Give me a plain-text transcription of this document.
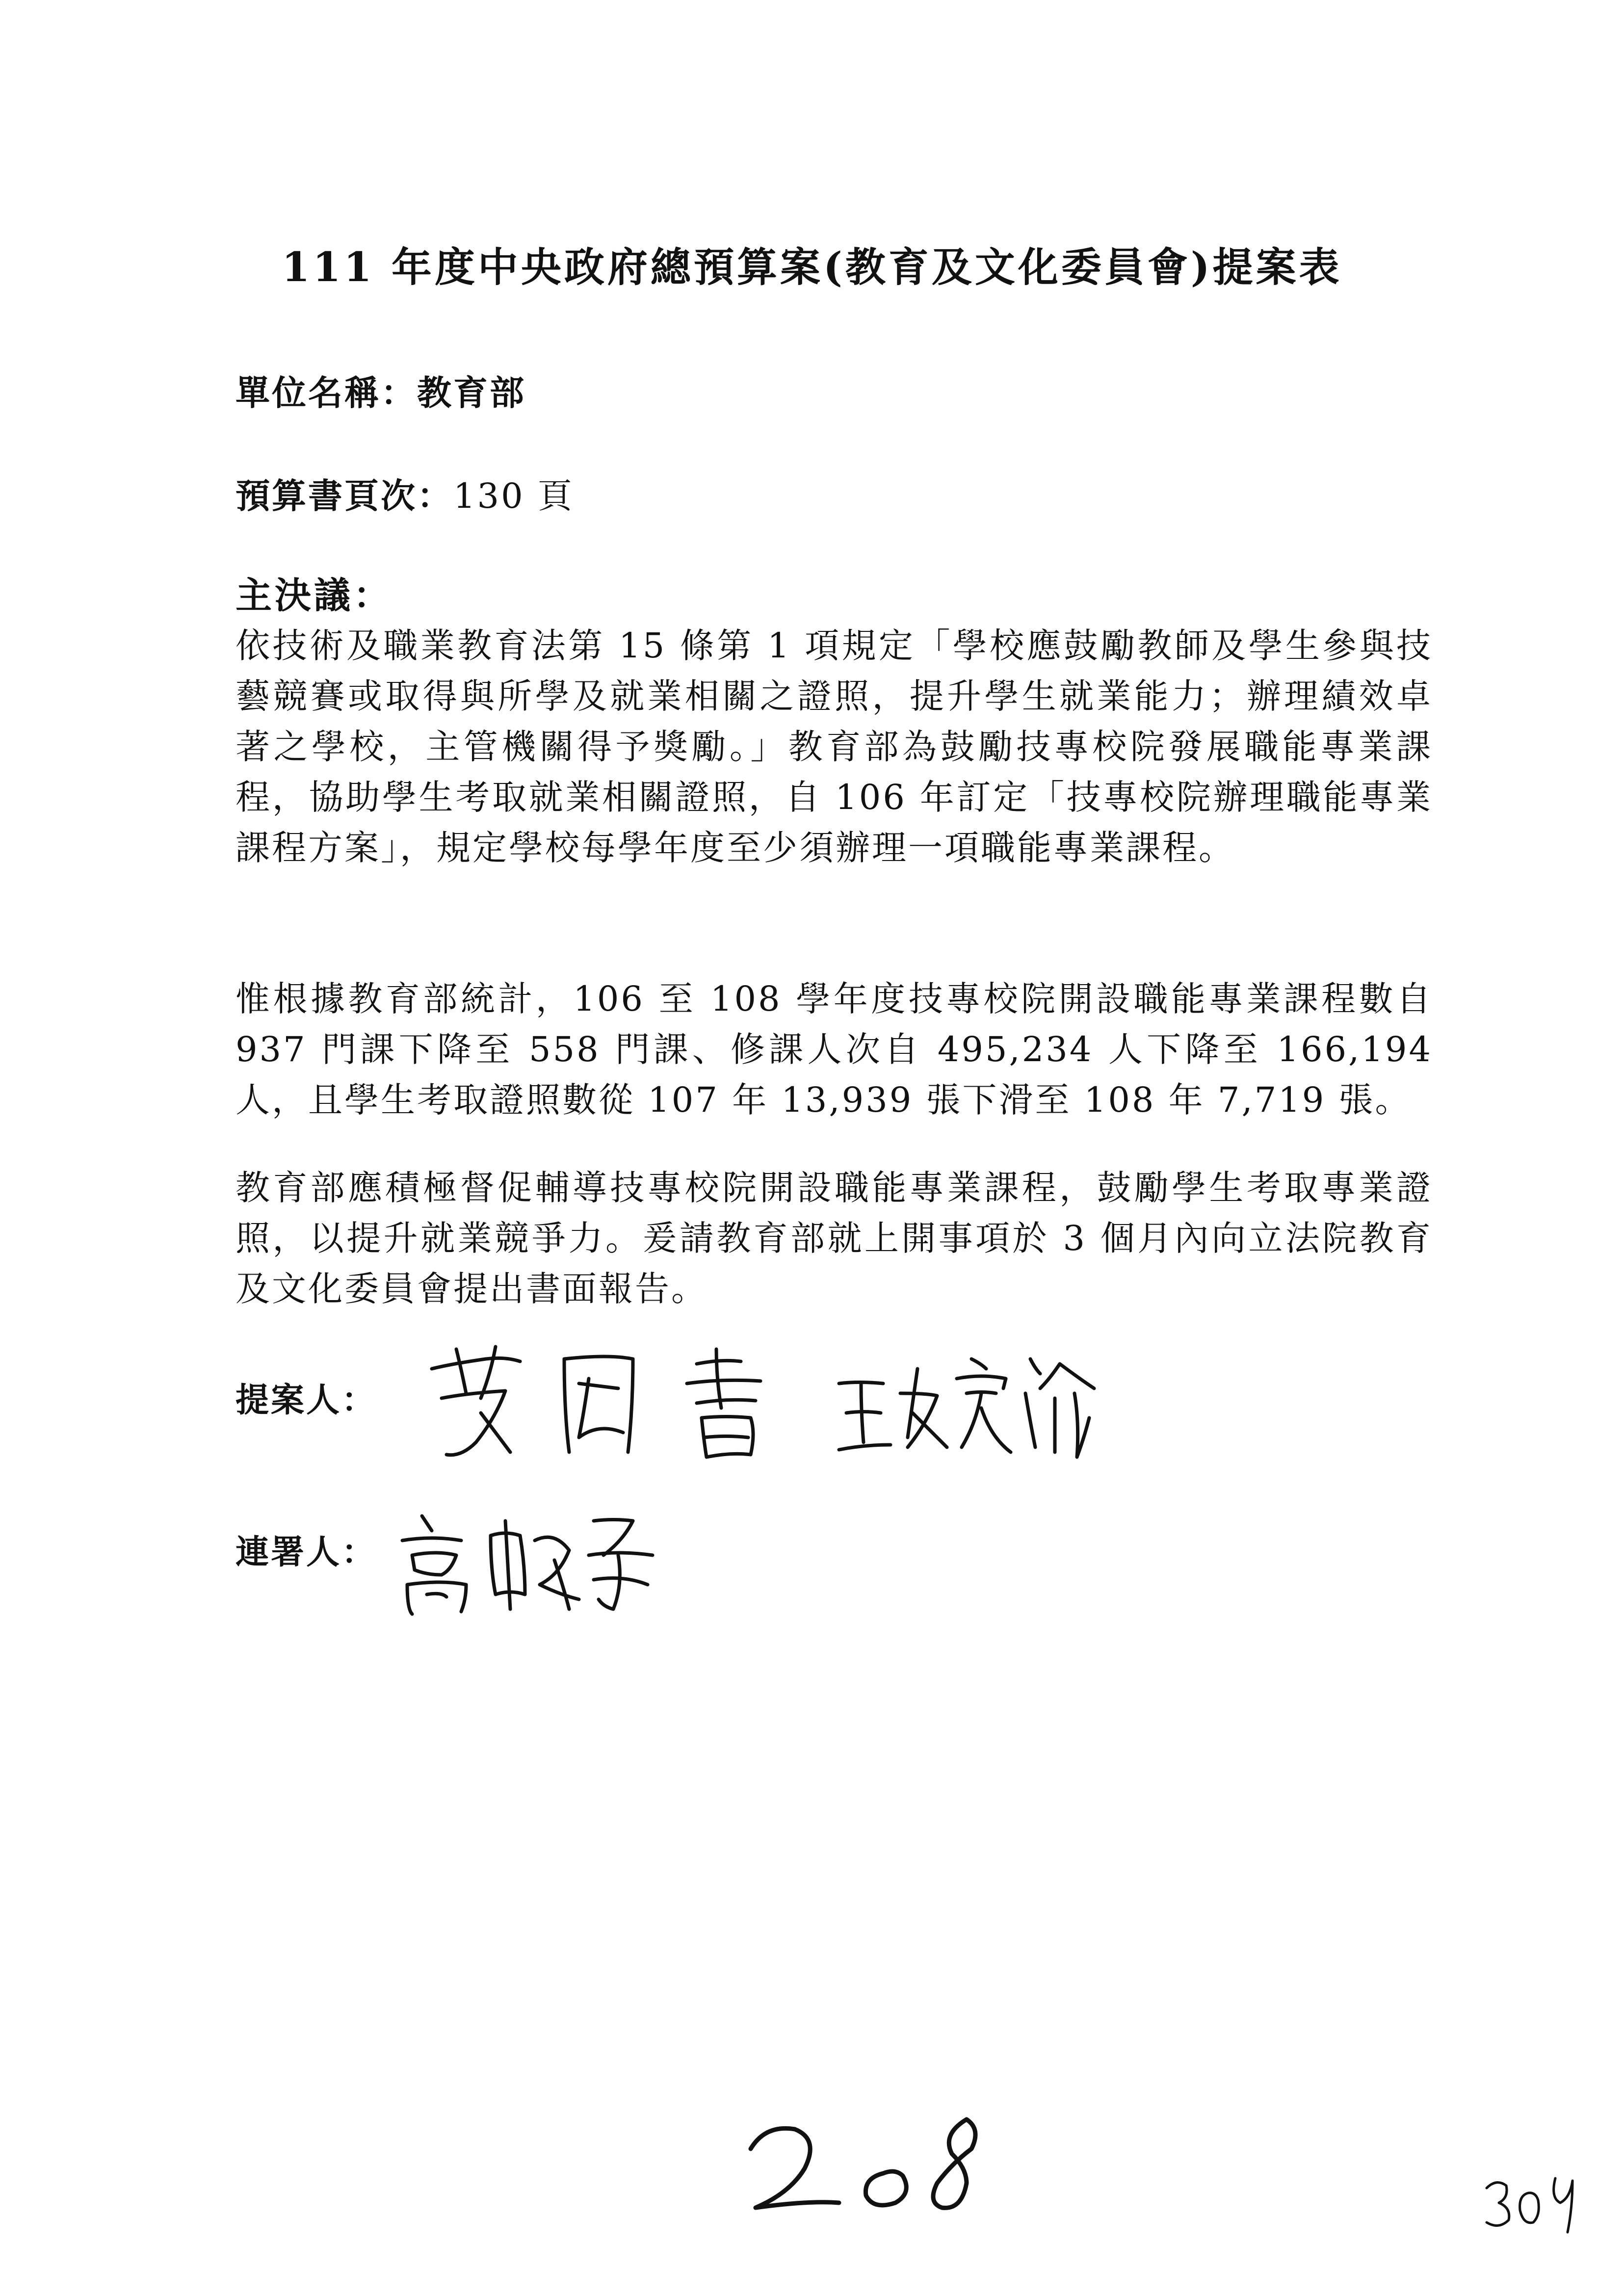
111 年度中央政府總預算案(教育及文化委員會)提案表
單位名稱：教育部
預算書頁次：130 頁
主決議：
依技術及職業教育法第 15 條第 1 項規定「學校應鼓勵教師及學生參與技藝競賽或取得與所學及就業相關之證照，提升學生就業能力；辦理績效卓著之學校，主管機關得予獎勵。」教育部為鼓勵技專校院發展職能專業課程，協助學生考取就業相關證照，自 106 年訂定「技專校院辦理職能專業課程方案」，規定學校每學年度至少須辦理一項職能專業課程。
惟根據教育部統計，106 至 108 學年度技專校院開設職能專業課程數自 937 門課下降至 558 門課、修課人次自 495,234 人下降至 166,194 人，且學生考取證照數從 107 年 13,939 張下滑至 108 年 7,719 張。
教育部應積極督促輔導技專校院開設職能專業課程，鼓勵學生考取專業證照，以提升就業競爭力。爰請教育部就上開事項於 3 個月內向立法院教育及文化委員會提出書面報告。
提案人：
連署人：
